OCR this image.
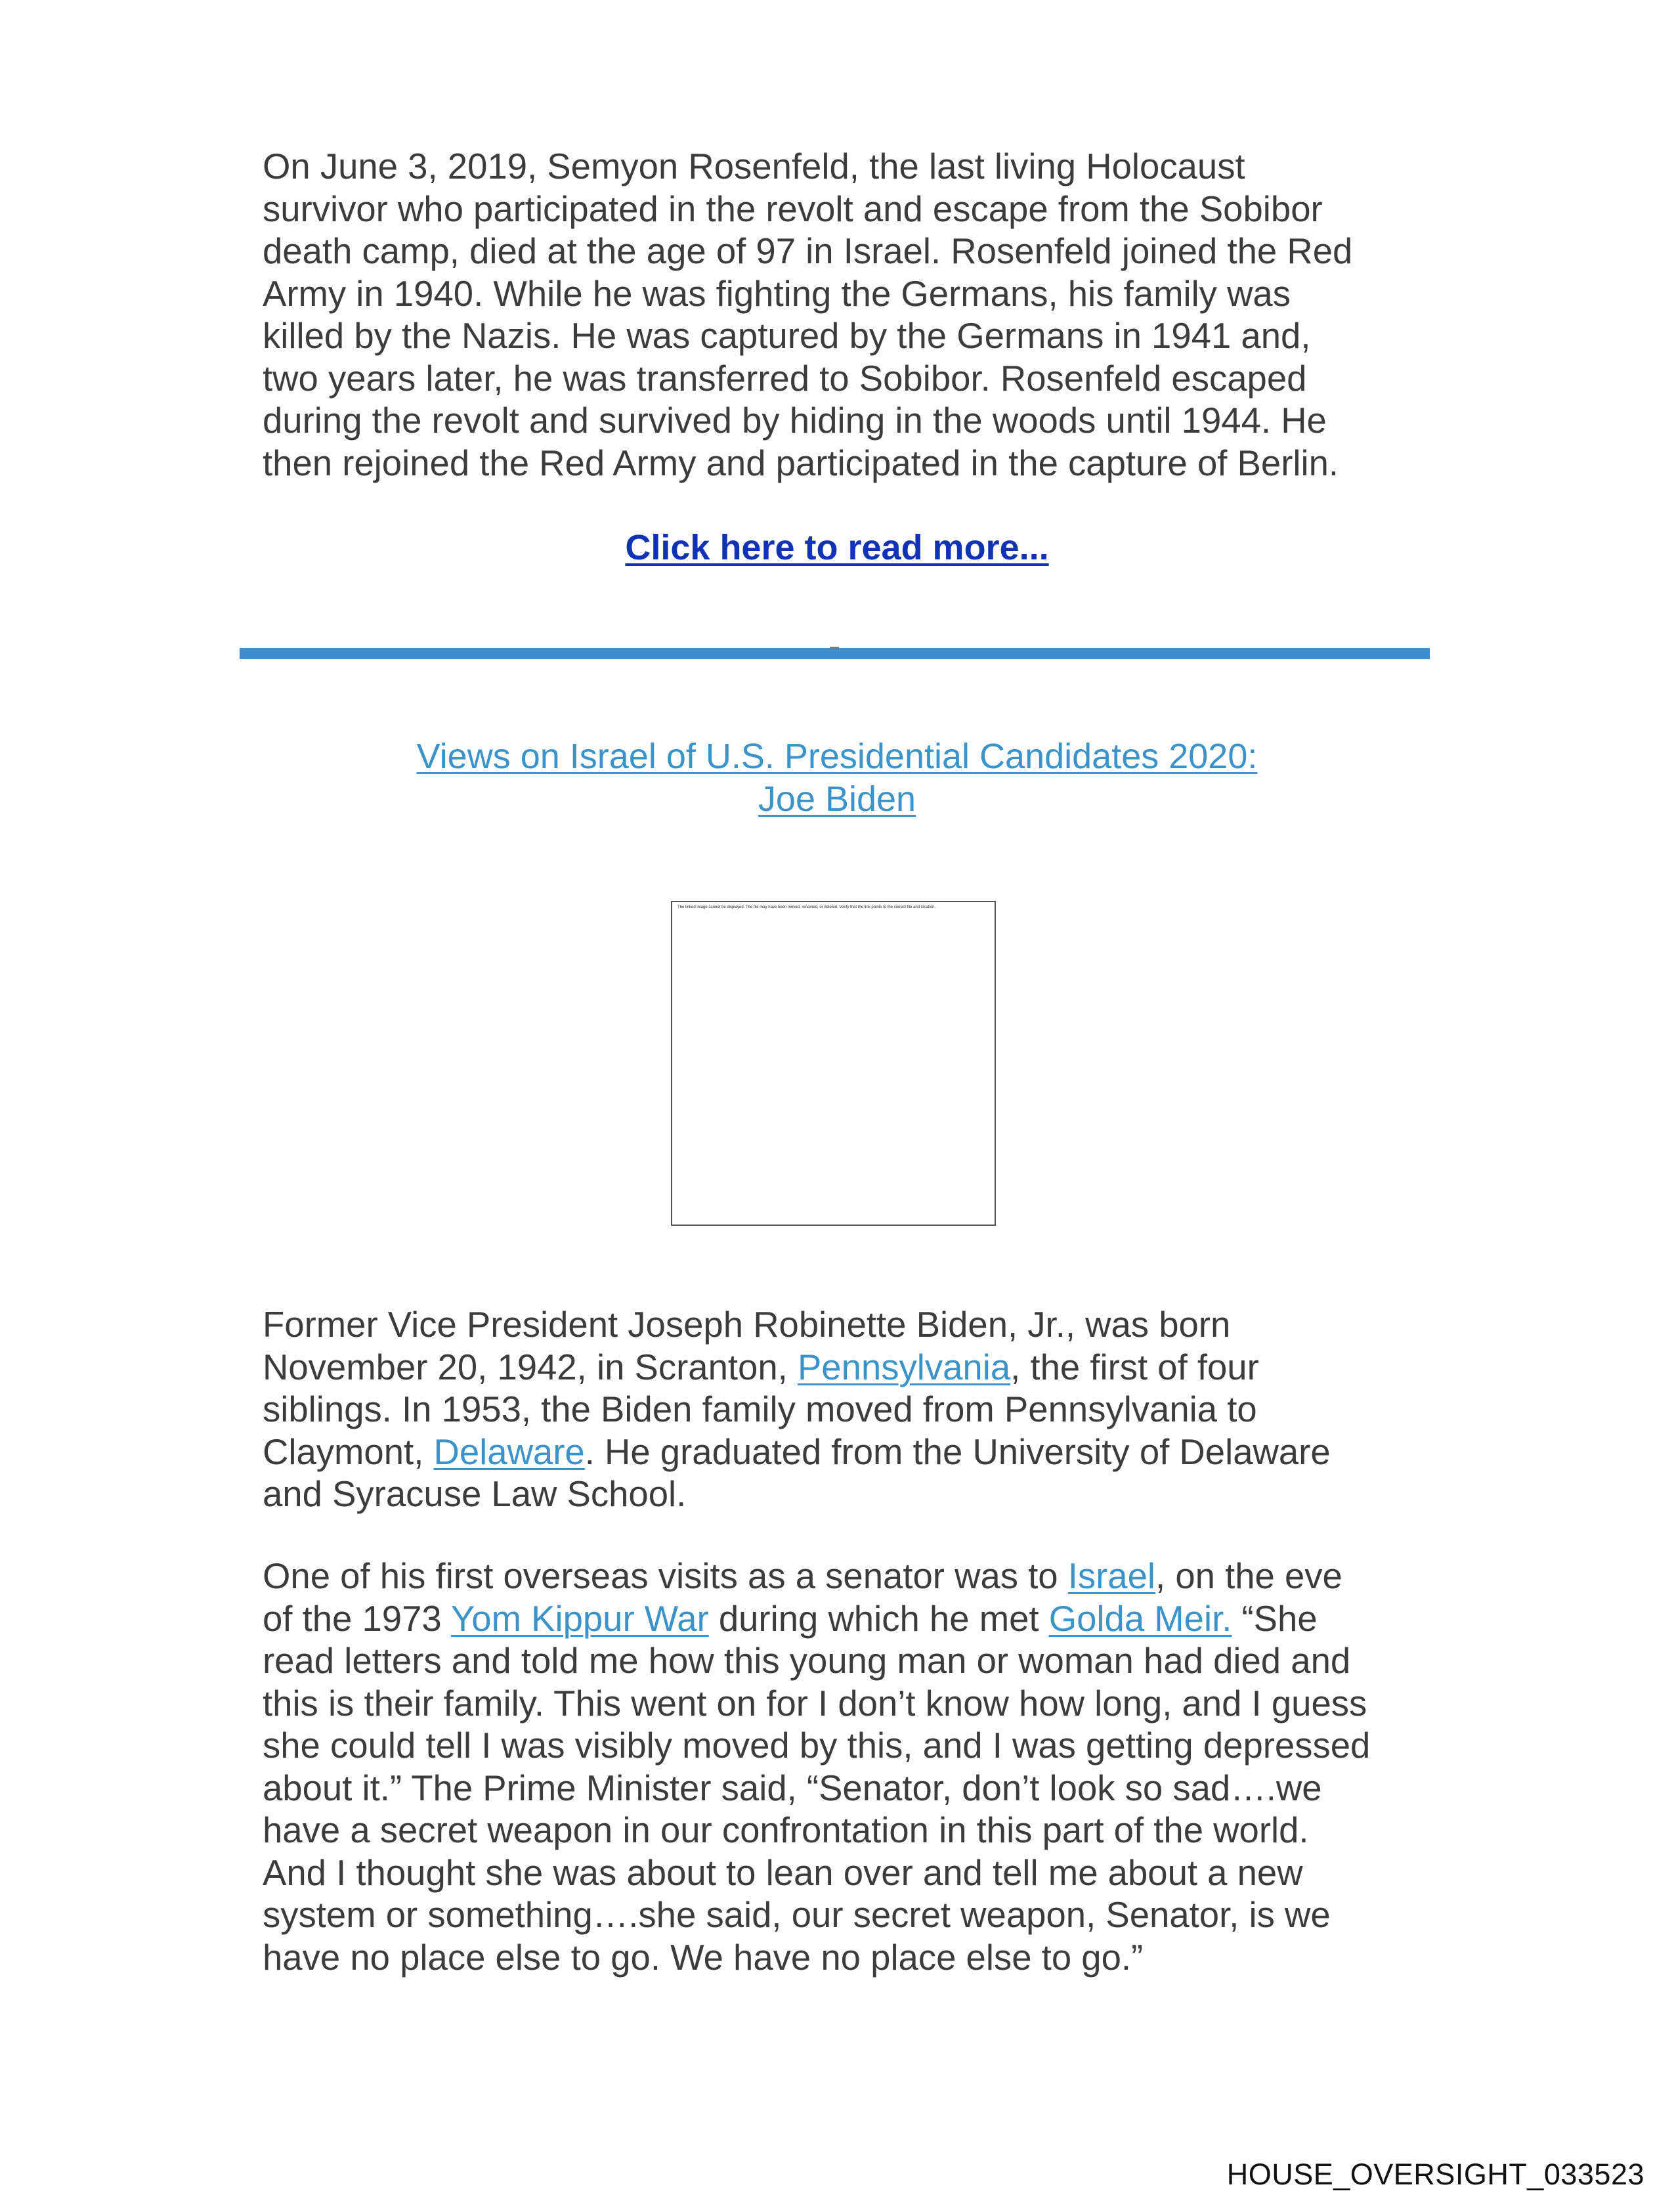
On June 3, 2019, Semyon Rosenfeld, the last living Holocaust
survivor who participated in the revolt and escape from the Sobibor
death camp, died at the age of 97 in Israel. Rosenfeld joined the Red
Army in 1940. While he was fighting the Germans, his family was
killed by the Nazis. He was captured by the Germans in 1941 and,
two years later, he was transferred to Sobibor. Rosenfeld escaped
during the revolt and survived by hiding in the woods until 1944. He
then rejoined the Red Army and participated in the capture of Berlin.

Click here to read more...
Views on Israel of U.S. Presidential Candidates 2020:
Joe Biden
The linked image cannot be displayed. The file may have been moved, renamed, or deleted. Verify that the link points to the correct file and location.

Former Vice President Joseph Robinette Biden, Jr., was born
November 20, 1942, in Scranton, Pennsylvania, the first of four
siblings. In 1953, the Biden family moved from Pennsylvania to
Claymont, Delaware. He graduated from the University of Delaware
and Syracuse Law School.

One of his first overseas visits as a senator was to Israel, on the eve
of the 1973 Yom Kippur War during which he met Golda Meir. “She
read letters and told me how this young man or woman had died and
this is their family. This went on for I don’t know how long, and I guess
she could tell I was visibly moved by this, and I was getting depressed
about it.” The Prime Minister said, “Senator, don’t look so sad….we
have a secret weapon in our confrontation in this part of the world.
And I thought she was about to lean over and tell me about a new
system or something….she said, our secret weapon, Senator, is we
have no place else to go. We have no place else to go.”

HOUSE_OVERSIGHT_033523
